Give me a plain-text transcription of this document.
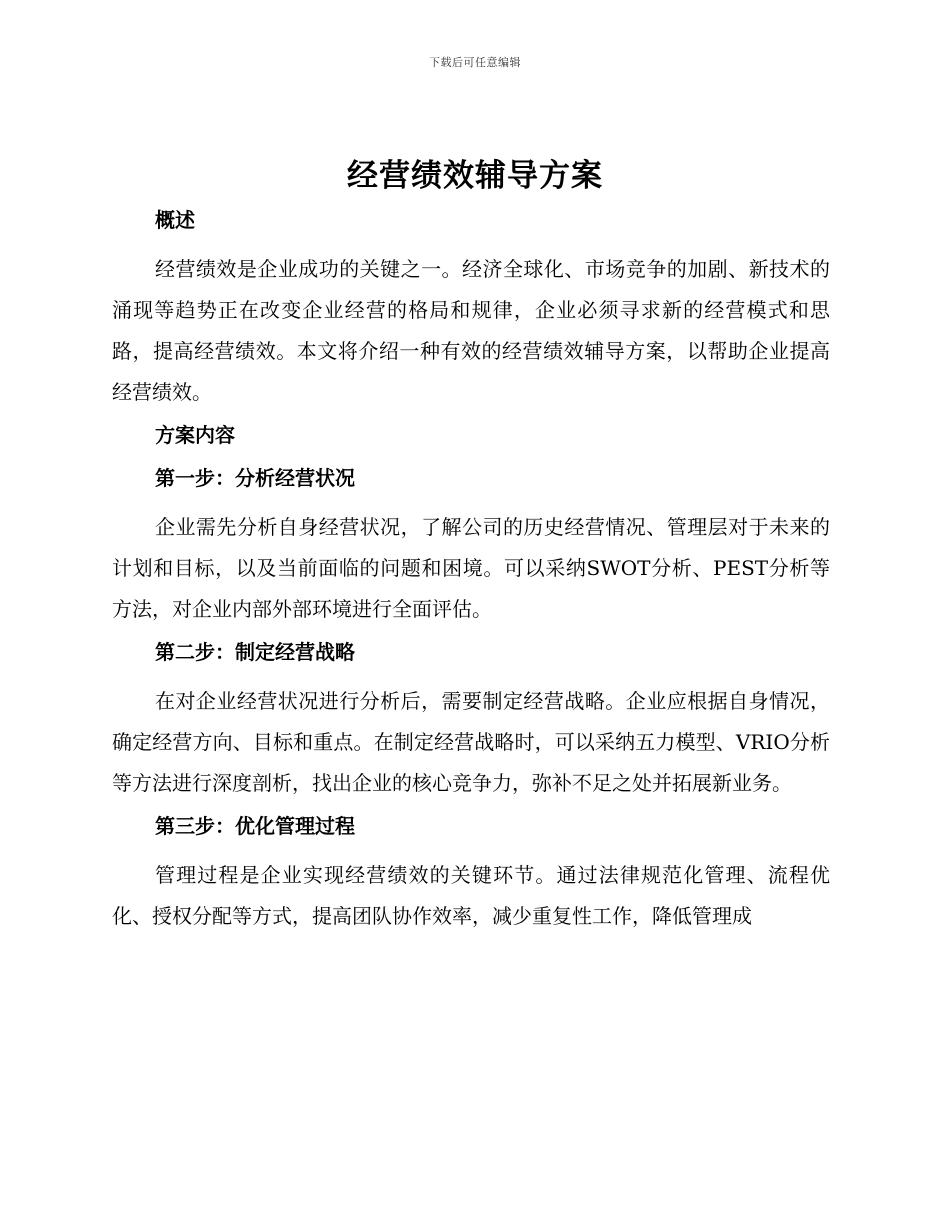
下载后可任意编辑
经营绩效辅导方案
概述

经营绩效是企业成功的关键之一。经济全球化、市场竞争的加剧、新技术的涌现等趋势正在改变企业经营的格局和规律，企业必须寻求新的经营模式和思路，提高经营绩效。本文将介绍一种有效的经营绩效辅导方案，以帮助企业提高经营绩效。

方案内容
第一步：分析经营状况

企业需先分析自身经营状况，了解公司的历史经营情况、管理层对于未来的计划和目标，以及当前面临的问题和困境。可以采纳SWOT分析、PEST分析等方法，对企业内部外部环境进行全面评估。

第二步：制定经营战略

在对企业经营状况进行分析后，需要制定经营战略。企业应根据自身情况，确定经营方向、目标和重点。在制定经营战略时，可以采纳五力模型、VRIO分析等方法进行深度剖析，找出企业的核心竞争力，弥补不足之处并拓展新业务。

第三步：优化管理过程

管理过程是企业实现经营绩效的关键环节。通过法律规范化管理、流程优化、授权分配等方式，提高团队协作效率，减少重复性工作，降低管理成
